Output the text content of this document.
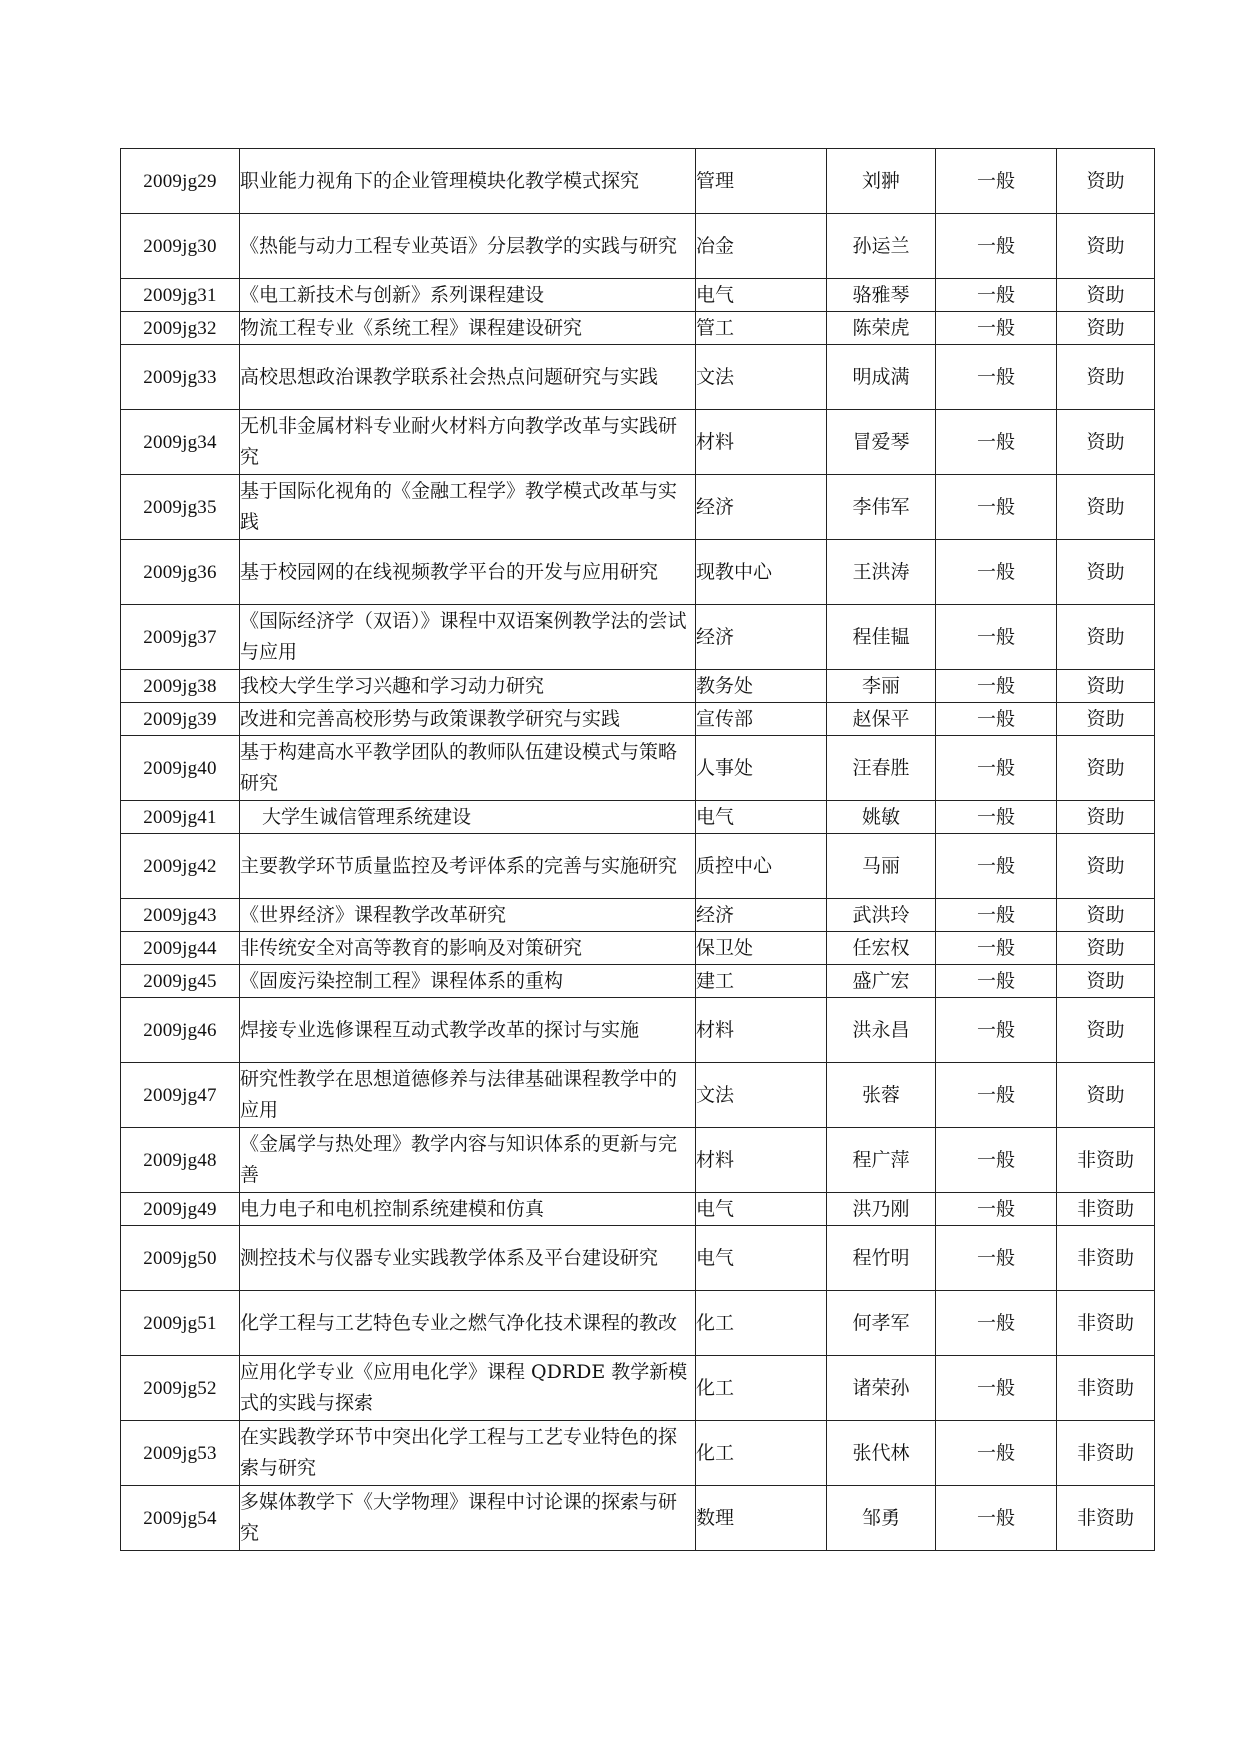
2009jg29	职业能力视角下的企业管理模块化教学模式探究	管理	刘翀	一般	资助
2009jg30	《热能与动力工程专业英语》分层教学的实践与研究	冶金	孙运兰	一般	资助
2009jg31	《电工新技术与创新》系列课程建设	电气	骆雅琴	一般	资助
2009jg32	物流工程专业《系统工程》课程建设研究	管工	陈荣虎	一般	资助
2009jg33	高校思想政治课教学联系社会热点问题研究与实践	文法	明成满	一般	资助
2009jg34	无机非金属材料专业耐火材料方向教学改革与实践研究	材料	冒爱琴	一般	资助
2009jg35	基于国际化视角的《金融工程学》教学模式改革与实践	经济	李伟军	一般	资助
2009jg36	基于校园网的在线视频教学平台的开发与应用研究	现教中心	王洪涛	一般	资助
2009jg37	《国际经济学（双语）》课程中双语案例教学法的尝试与应用	经济	程佳韫	一般	资助
2009jg38	我校大学生学习兴趣和学习动力研究	教务处	李丽	一般	资助
2009jg39	改进和完善高校形势与政策课教学研究与实践	宣传部	赵保平	一般	资助
2009jg40	基于构建高水平教学团队的教师队伍建设模式与策略研究	人事处	汪春胜	一般	资助
2009jg41	大学生诚信管理系统建设	电气	姚敏	一般	资助
2009jg42	主要教学环节质量监控及考评体系的完善与实施研究	质控中心	马丽	一般	资助
2009jg43	《世界经济》课程教学改革研究	经济	武洪玲	一般	资助
2009jg44	非传统安全对高等教育的影响及对策研究	保卫处	任宏权	一般	资助
2009jg45	《固废污染控制工程》课程体系的重构	建工	盛广宏	一般	资助
2009jg46	焊接专业选修课程互动式教学改革的探讨与实施	材料	洪永昌	一般	资助
2009jg47	研究性教学在思想道德修养与法律基础课程教学中的应用	文法	张蓉	一般	资助
2009jg48	《金属学与热处理》教学内容与知识体系的更新与完善	材料	程广萍	一般	非资助
2009jg49	电力电子和电机控制系统建模和仿真	电气	洪乃刚	一般	非资助
2009jg50	测控技术与仪器专业实践教学体系及平台建设研究	电气	程竹明	一般	非资助
2009jg51	化学工程与工艺特色专业之燃气净化技术课程的教改	化工	何孝军	一般	非资助
2009jg52	应用化学专业《应用电化学》课程 QDRDE 教学新模式的实践与探索	化工	诸荣孙	一般	非资助
2009jg53	在实践教学环节中突出化学工程与工艺专业特色的探索与研究	化工	张代林	一般	非资助
2009jg54	多媒体教学下《大学物理》课程中讨论课的探索与研究	数理	邹勇	一般	非资助
